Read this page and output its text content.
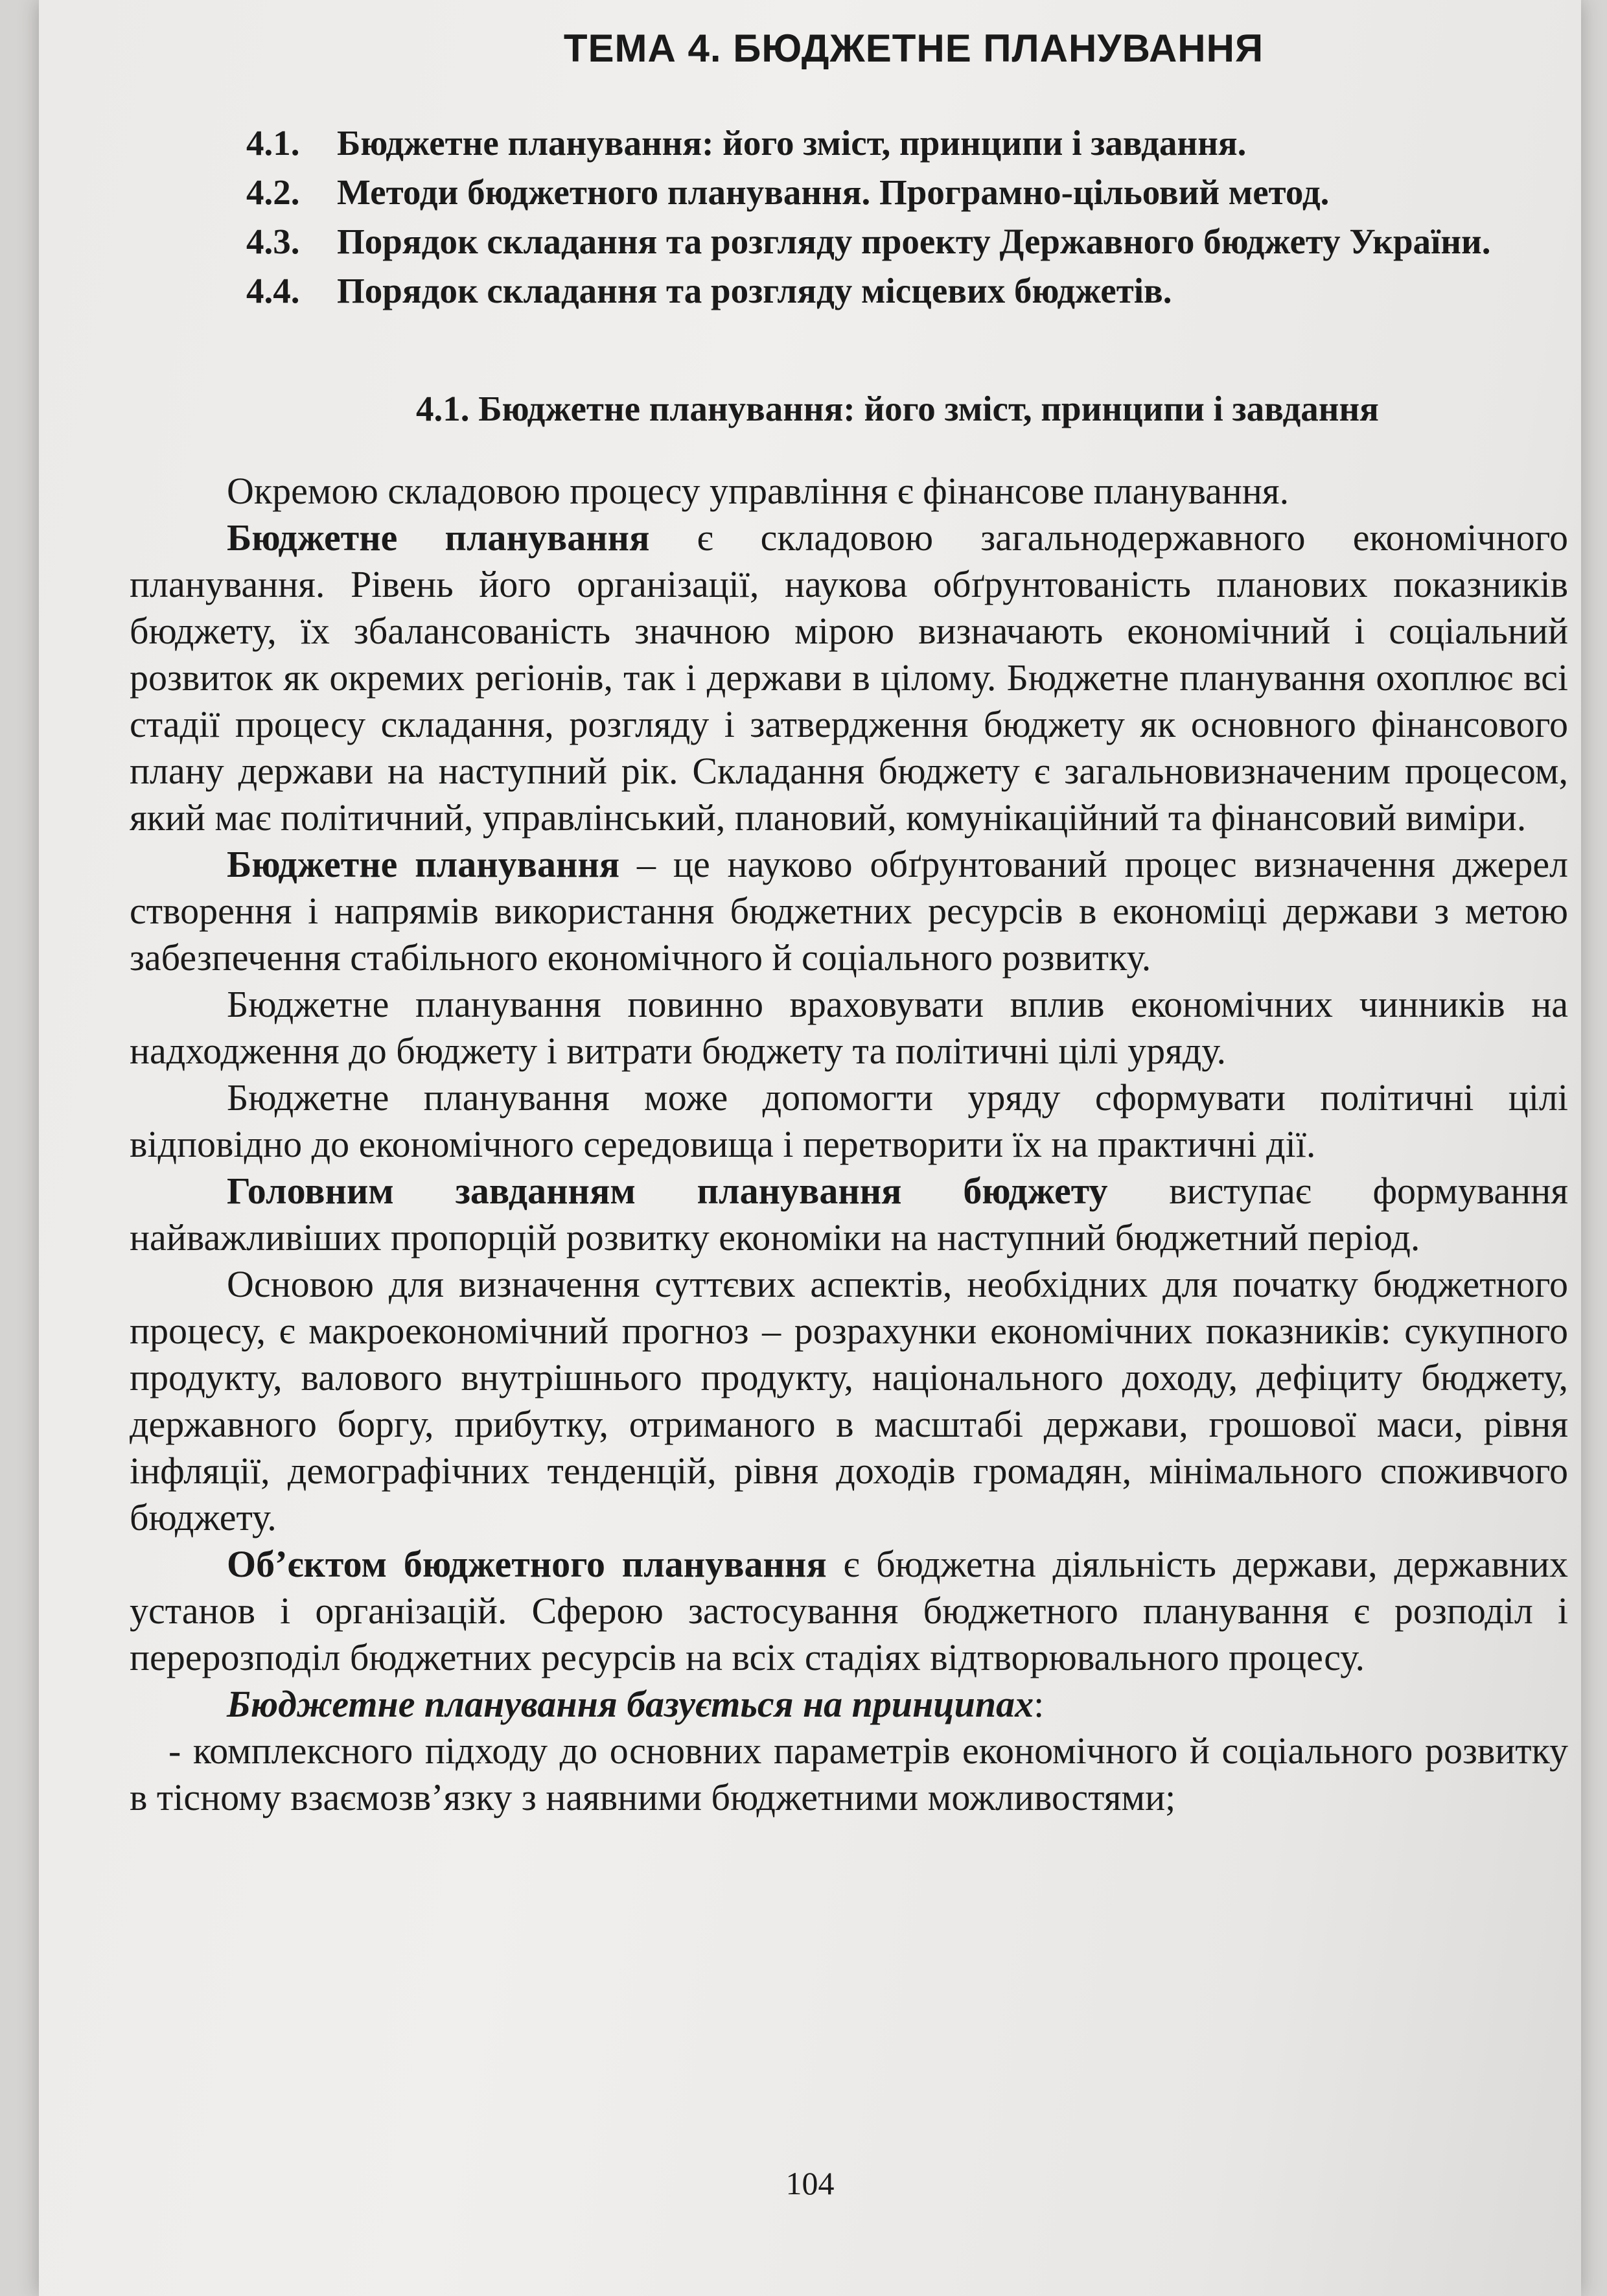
ТЕМА 4. БЮДЖЕТНЕ ПЛАНУВАННЯ
4.1.	Бюджетне планування: його зміст, принципи і завдання.
4.2.	Методи бюджетного планування. Програмно-цільовий метод.
4.3.	Порядок складання та розгляду проекту Державного бюджету України.
4.4.	Порядок складання та розгляду місцевих бюджетів.
4.1. Бюджетне планування: його зміст, принципи і завдання

Окремою складовою процесу управління є фінансове планування.

Бюджетне планування є складовою загальнодержавного економічного планування. Рівень його організації, наукова обґрунтованість планових показників бюджету, їх збалансованість значною мірою визначають економічний і соціальний розвиток як окремих регіонів, так і держави в цілому. Бюджетне планування охоплює всі стадії процесу складання, розгляду і затвердження бюджету як основного фінансового плану держави на наступний рік. Складання бюджету є загальновизначеним процесом, який має політичний, управлінський, плановий, комунікаційний та фінансовий виміри.

Бюджетне планування – це науково обґрунтований процес визначення джерел створення і напрямів використання бюджетних ресурсів в економіці держави з метою забезпечення стабільного економічного й соціального розвитку.

Бюджетне планування повинно враховувати вплив економічних чинників на надходження до бюджету і витрати бюджету та політичні цілі уряду.

Бюджетне планування може допомогти уряду сформувати політичні цілі відповідно до економічного середовища і перетворити їх на практичні дії.

Головним завданням планування бюджету виступає формування найважливіших пропорцій розвитку економіки на наступний бюджетний період.

Основою для визначення суттєвих аспектів, необхідних для початку бюджетного процесу, є макроекономічний прогноз – розрахунки економічних показників: сукупного продукту, валового внутрішнього продукту, національного доходу, дефіциту бюджету, державного боргу, прибутку, отриманого в масштабі держави, грошової маси, рівня інфляції, демографічних тенденцій, рівня доходів громадян, мінімального споживчого бюджету.

Об’єктом бюджетного планування є бюджетна діяльність держави, державних установ і організацій. Сферою застосування бюджетного планування є розподіл і перерозподіл бюджетних ресурсів на всіх стадіях відтворювального процесу.

Бюджетне планування базується на принципах:

- комплексного підходу до основних параметрів економічного й соціального розвитку в тісному взаємозв’язку з наявними бюджетними можливостями;

104
